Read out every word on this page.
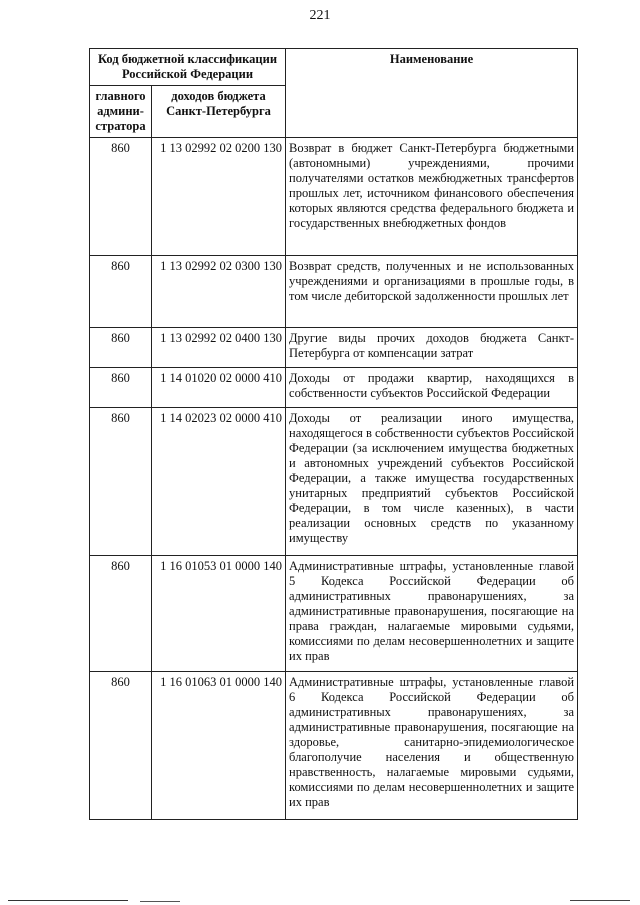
221
Код бюджетной классификации Российской Федерации		Наименование
главного админи-стратора	доходов бюджета Санкт-Петербурга	
860	1 13 02992 02 0200 130	Возврат в бюджет Санкт-Петербурга бюджетными (автономными) учреждениями, прочими получателями остатков межбюджетных трансфертов прошлых лет, источником финансового обеспечения которых являются средства федерального бюджета и государственных внебюджетных фондов
860	1 13 02992 02 0300 130	Возврат средств, полученных и не использованных учреждениями и организациями в прошлые годы, в том числе дебиторской задолженности прошлых лет
860	1 13 02992 02 0400 130	Другие виды прочих доходов бюджета Санкт-Петербурга от компенсации затрат
860	1 14 01020 02 0000 410	Доходы от продажи квартир, находящихся в собственности субъектов Российской Федерации
860	1 14 02023 02 0000 410	Доходы от реализации иного имущества, находящегося в собственности субъектов Российской Федерации (за исключением имущества бюджетных и автономных учреждений субъектов Российской Федерации, а также имущества государственных унитарных предприятий субъектов Российской Федерации, в том числе казенных), в части реализации основных средств по указанному имуществу
860	1 16 01053 01 0000 140	Административные штрафы, установленные главой 5 Кодекса Российской Федерации об административных правонарушениях, за административные правонарушения, посягающие на права граждан, налагаемые мировыми судьями, комиссиями по делам несовершеннолетних и защите их прав
860	1 16 01063 01 0000 140	Административные штрафы, установленные главой 6 Кодекса Российской Федерации об административных правонарушениях, за административные правонарушения, посягающие на здоровье, санитарно-эпидемиологическое благополучие населения и общественную нравственность, налагаемые мировыми судьями, комиссиями по делам несовершеннолетних и защите их прав
